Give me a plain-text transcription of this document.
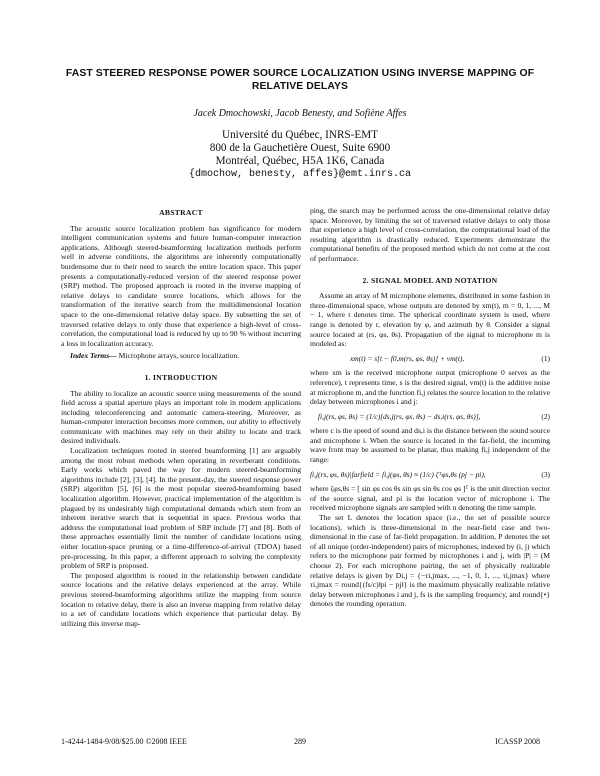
FAST STEERED RESPONSE POWER SOURCE LOCALIZATION USING INVERSE MAPPING OF RELATIVE DELAYS
Jacek Dmochowski, Jacob Benesty, and Sofiène Affes
Université du Québec, INRS-EMT
800 de la Gauchetière Ouest, Suite 6900
Montréal, Québec, H5A 1K6, Canada
{dmochow, benesty, affes}@emt.inrs.ca
ABSTRACT

The acoustic source localization problem has significance for modern intelligent communication systems and future human-computer interaction applications. Although steered-beamforming localization methods perform well in adverse conditions, the algorithms are inherently computationally burdensome due to their need to search the entire location space. This paper presents a computationally-reduced version of the steered response power (SRP) method. The proposed approach is rooted in the inverse mapping of relative delays to candidate source locations, which allows for the transformation of the iterative search from the multidimensional location space to the one-dimensional relative delay space. By subsetting the set of traversed relative delays to only those that experience a high-level of cross-correlation, the computational load is reduced by up to 90 % without incurring a loss in localization accuracy.

Index Terms— Microphone arrays, source localization.

1. INTRODUCTION

The ability to localize an acoustic source using measurements of the sound field across a spatial aperture plays an important role in modern applications including teleconferencing and automatic camera-steering. Moreover, as human-computer interaction becomes more common, our ability to effectively communicate with machines may rely on their ability to locate and track desired individuals.

Localization techniques rooted in steered beamforming [1] are arguably among the most robust methods when operating in reverberant conditions. Early works which paved the way for modern steered-beamforming algorithms include [2], [3], [4]. In the present-day, the steered response power (SRP) algorithm [5], [6] is the most popular steered-beamforming based localization algorithm. However, practical implementation of the algorithm is plagued by its undesirably high computational demands which stem from an inherent iterative search that is sequential in space. Previous works that address the computational load problem of SRP include [7] and [8]. Both of these approaches essentially limit the number of candidate locations using either location-space pruning or a time-difference-of-arrival (TDOA) based pre-processing. In this paper, a different approach to solving the complexity problem of SRP is proposed.

The proposed algorithm is rooted in the relationship between candidate source locations and the relative delays experienced at the array. While previous steered-beamforming algorithms utilize the mapping from source location to relative delay, there is also an inverse mapping from relative delay to a set of candidate locations which experience that particular delay. By utilizing this inverse map-

ping, the search may be performed across the one-dimensional relative delay space. Moreover, by limiting the set of traversed relative delays to only those that experience a high level of cross-correlation, the computational load of the resulting algorithm is drastically reduced. Experiments demonstrate the computational benefits of the proposed method which do not come at the cost of performance.

2. SIGNAL MODEL AND NOTATION

Assume an array of M microphone elements, distributed in some fashion in three-dimensional space, whose outputs are denoted by xm(t), m = 0, 1, ..., M − 1, where t denotes time. The spherical coordinate system is used, where range is denoted by r, elevation by φ, and azimuth by θ. Consider a signal source located at (rs, φs, θs). Propagation of the signal to microphone m is modeled as:

xm(t) = s[t − f0,m(rs, φs, θs)] + vm(t),	(1)

where xm is the received microphone output (microphone 0 serves as the reference), t represents time, s is the desired signal, vm(t) is the additive noise at microphone m, and the function fi,j relates the source location to the relative delay between microphones i and j:

fi,j(rs, φs, θs) = (1/c)[ds,j(rs, φs, θs) − ds,i(rs, φs, θs)],	(2)

where c is the speed of sound and ds,i is the distance between the sound source and microphone i. When the source is located in the far-field, the incoming wave front may be assumed to be planar, thus making fi,j independent of the range:

fi,j(rs, φs, θs)|farfield = fi,j(φs, θs) ≈ (1/c) ζᵀφs,θs (pj − pi),	(3)

where ζφs,θs = [ sin φs cos θs sin φs sin θs cos φs ]ᵀ is the unit direction vector of the source signal, and pi is the location vector of microphone i. The received microphone signals are sampled with n denoting the time sample.

The set L denotes the location space (i.e., the set of possible source locations), which is three-dimensional in the near-field case and two-dimensional in the case of far-field propagation. In addition, P denotes the set of all unique (order-independent) pairs of microphones, indexed by (i, j) which refers to the microphone pair formed by microphones i and j, with |P| = (M choose 2). For each microphone pairing, the set of physically realizable relative delays is given by Di,j = {−τi,jmax, ..., −1, 0, 1, ..., τi,jmax} where τi,jmax = round{(fs/c)‖pi − pj‖} is the maximum physically realizable relative delay between microphones i and j, fs is the sampling frequency, and round{•} denotes the rounding operation.

1-4244-1484-9/08/$25.00 ©2008 IEEE	289	ICASSP 2008
